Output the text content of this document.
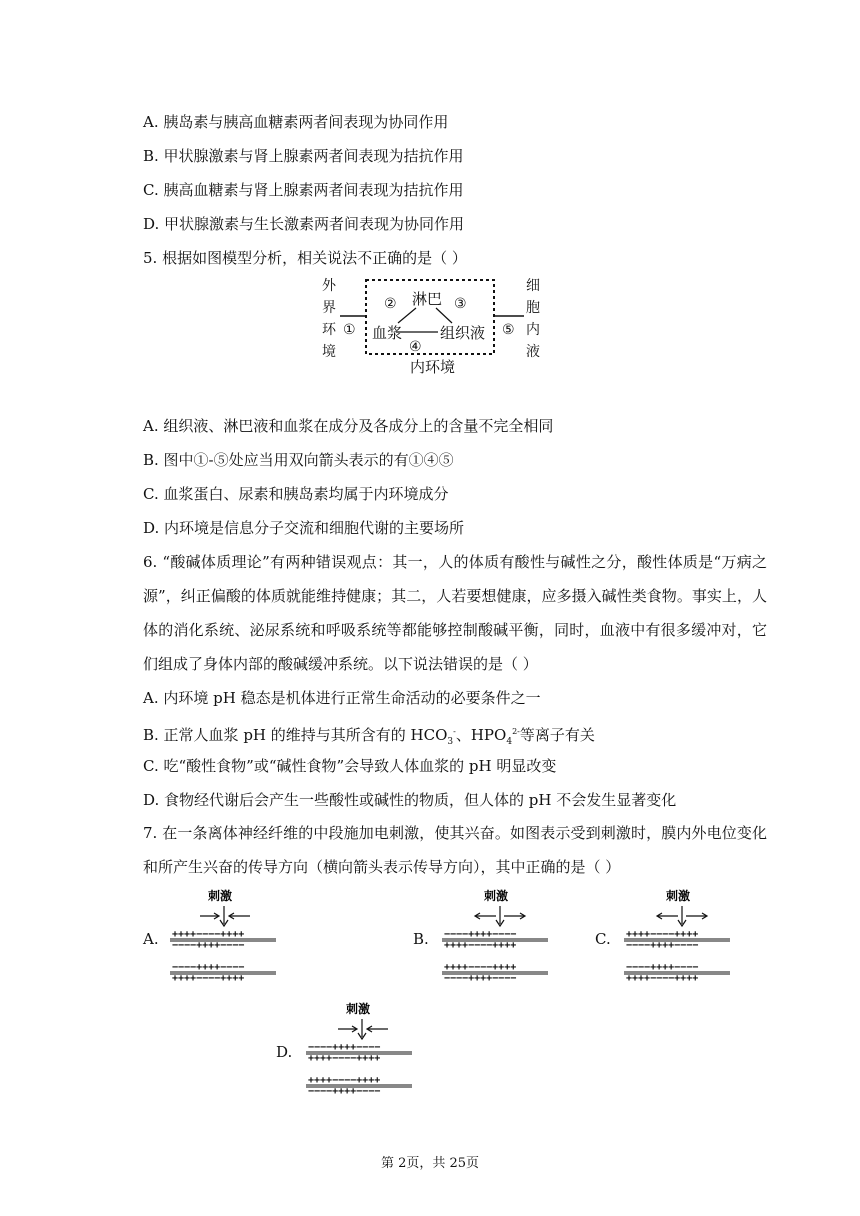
A. 胰岛素与胰高血糖素两者间表现为协同作用
B. 甲状腺激素与肾上腺素两者间表现为拮抗作用
C. 胰高血糖素与肾上腺素两者间表现为拮抗作用
D. 甲状腺激素与生长激素两者间表现为协同作用
5. 根据如图模型分析，相关说法不正确的是（ ）
外
界
环
境
细
胞
内
液
①
②	③
④
⑤
淋巴
血浆	组织液
内环境
A. 组织液、淋巴液和血浆在成分及各成分上的含量不完全相同
B. 图中①-⑤处应当用双向箭头表示的有①④⑤
C. 血浆蛋白、尿素和胰岛素均属于内环境成分
D. 内环境是信息分子交流和细胞代谢的主要场所
6. “酸碱体质理论”有两种错误观点：其一，人的体质有酸性与碱性之分，酸性体质是“万病之源”，纠正偏酸的体质就能维持健康；其二，人若要想健康，应多摄入碱性类食物。事实上，人体的消化系统、泌尿系统和呼吸系统等都能够控制酸碱平衡，同时，血液中有很多缓冲对，它们组成了身体内部的酸碱缓冲系统。以下说法错误的是（ ）
A. 内环境 pH 稳态是机体进行正常生命活动的必要条件之一
B. 正常人血浆 pH 的维持与其所含有的 $HCO_3^-$、$HPO_4^{2-}$等离子有关
C. 吃“酸性食物”或“碱性食物”会导致人体血浆的 pH 明显改变
D. 食物经代谢后会产生一些酸性或碱性的物质，但人体的 pH 不会发生显著变化
7. 在一条离体神经纤维的中段施加电刺激，使其兴奋。如图表示受到刺激时，膜内外电位变化和所产生兴奋的传导方向（横向箭头表示传导方向），其中正确的是（ ）
A.
刺激
++++−−−−++++
−−−−++++−−−−
−−−−++++−−−−
++++−−−−++++
B.
刺激
−−−−++++−−−−
++++−−−−++++
++++−−−−++++
−−−−++++−−−−
C.
刺激
++++−−−−++++
−−−−++++−−−−
−−−−++++−−−−
++++−−−−++++
D.
刺激
−−−−++++−−−−
++++−−−−++++
++++−−−−++++
−−−−++++−−−−
第 2页，共 25页
